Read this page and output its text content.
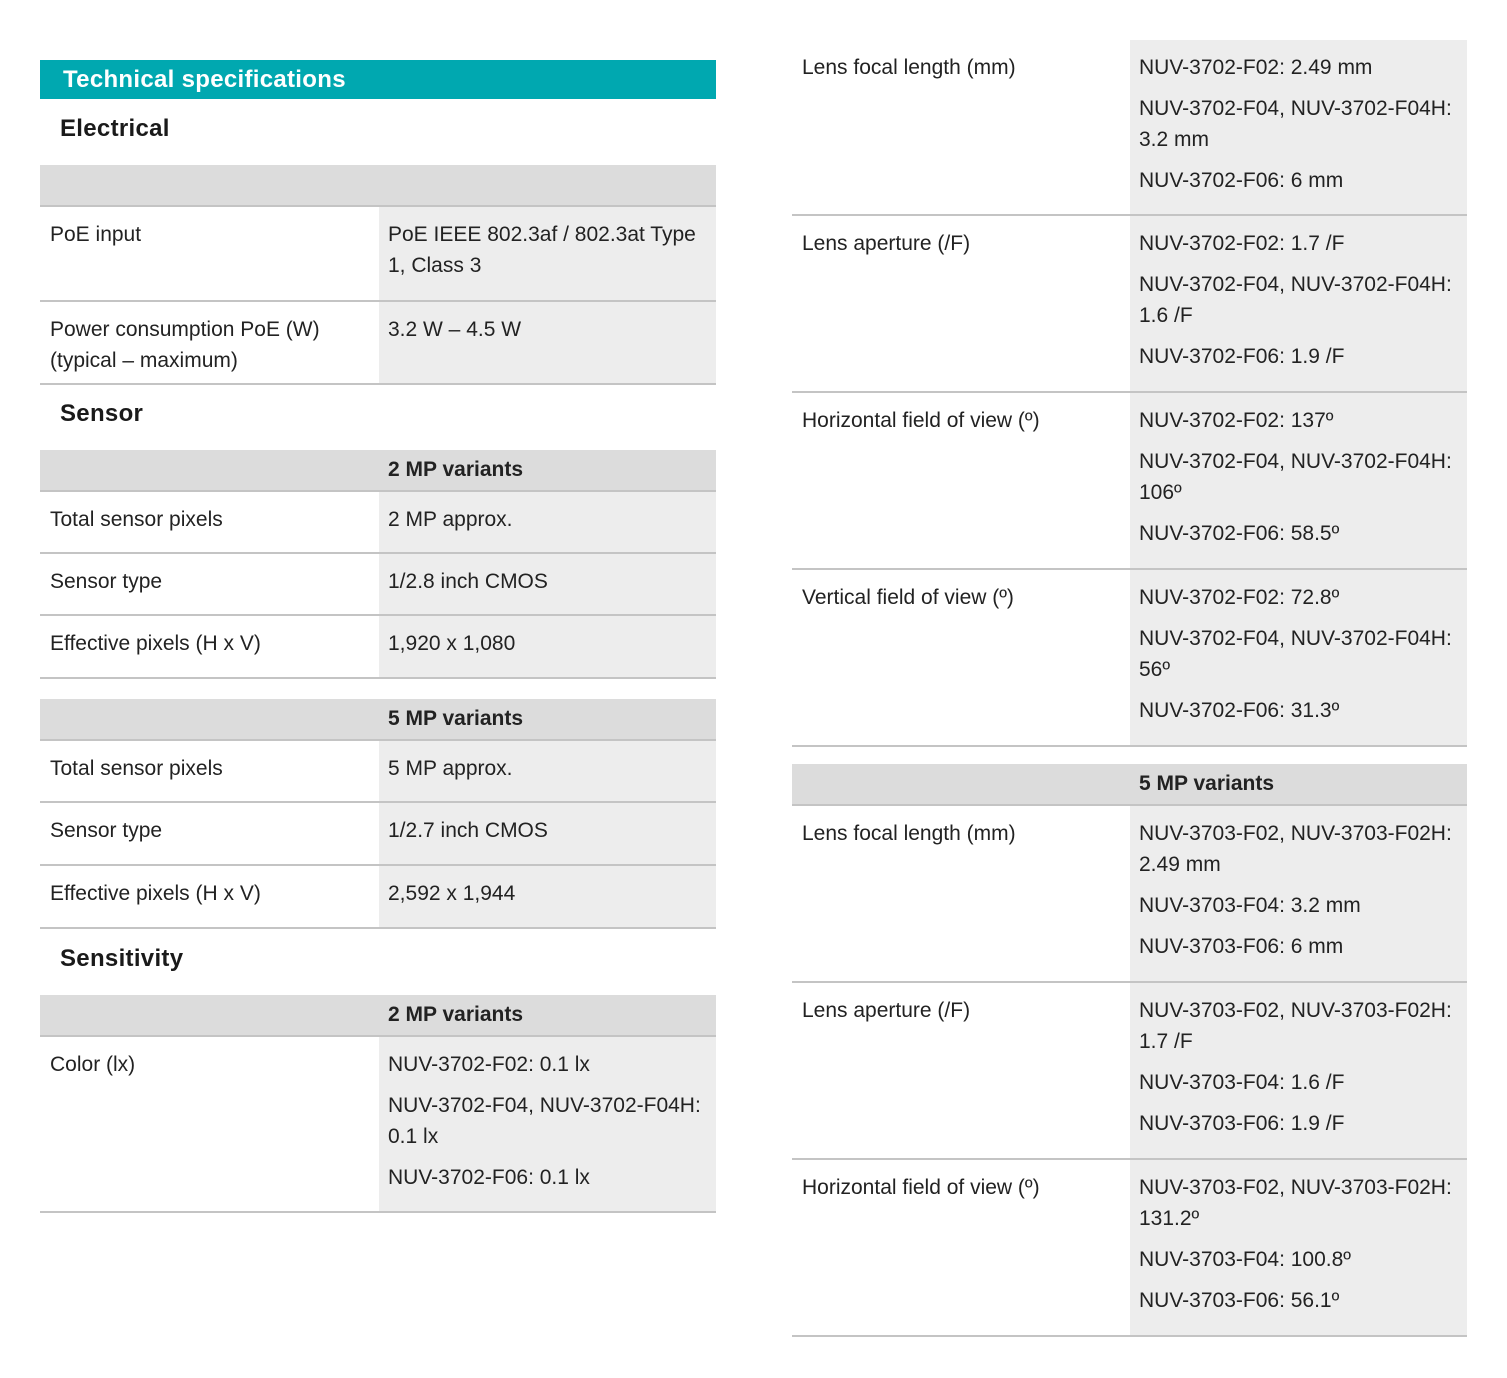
Technical specifications
Electrical

PoE input	PoE IEEE 802.3af / 802.3at Type 1, Class 3
Power consumption PoE (W) (typical – maximum)	3.2 W – 4.5 W
Sensor
	2 MP variants
Total sensor pixels	2 MP approx.
Sensor type	1/2.8 inch CMOS
Effective pixels (H x V)	1,920 x 1,080
	5 MP variants
Total sensor pixels	5 MP approx.
Sensor type	1/2.7 inch CMOS
Effective pixels (H x V)	2,592 x 1,944
Sensitivity
	2 MP variants
Color (lx)	NUV-3702-F02: 0.1 lx

NUV-3702-F04, NUV-3702-F04H: 0.1 lx

NUV-3702-F06: 0.1 lx

Lens focal length (mm)	NUV-3702-F02: 2.49 mm

NUV-3702-F04, NUV-3702-F04H: 3.2 mm

NUV-3702-F06: 6 mm

Lens aperture (/F)	NUV-3702-F02: 1.7 /F

NUV-3702-F04, NUV-3702-F04H: 1.6 /F

NUV-3702-F06: 1.9 /F

Horizontal field of view (º)	NUV-3702-F02: 137º

NUV-3702-F04, NUV-3702-F04H: 106º

NUV-3702-F06: 58.5º

Vertical field of view (º)	NUV-3702-F02: 72.8º

NUV-3702-F04, NUV-3702-F04H: 56º

NUV-3702-F06: 31.3º

	5 MP variants
Lens focal length (mm)	NUV-3703-F02, NUV-3703-F02H: 2.49 mm

NUV-3703-F04: 3.2 mm

NUV-3703-F06: 6 mm

Lens aperture (/F)	NUV-3703-F02, NUV-3703-F02H: 1.7 /F

NUV-3703-F04: 1.6 /F

NUV-3703-F06: 1.9 /F

Horizontal field of view (º)	NUV-3703-F02, NUV-3703-F02H: 131.2º

NUV-3703-F04: 100.8º

NUV-3703-F06: 56.1º
